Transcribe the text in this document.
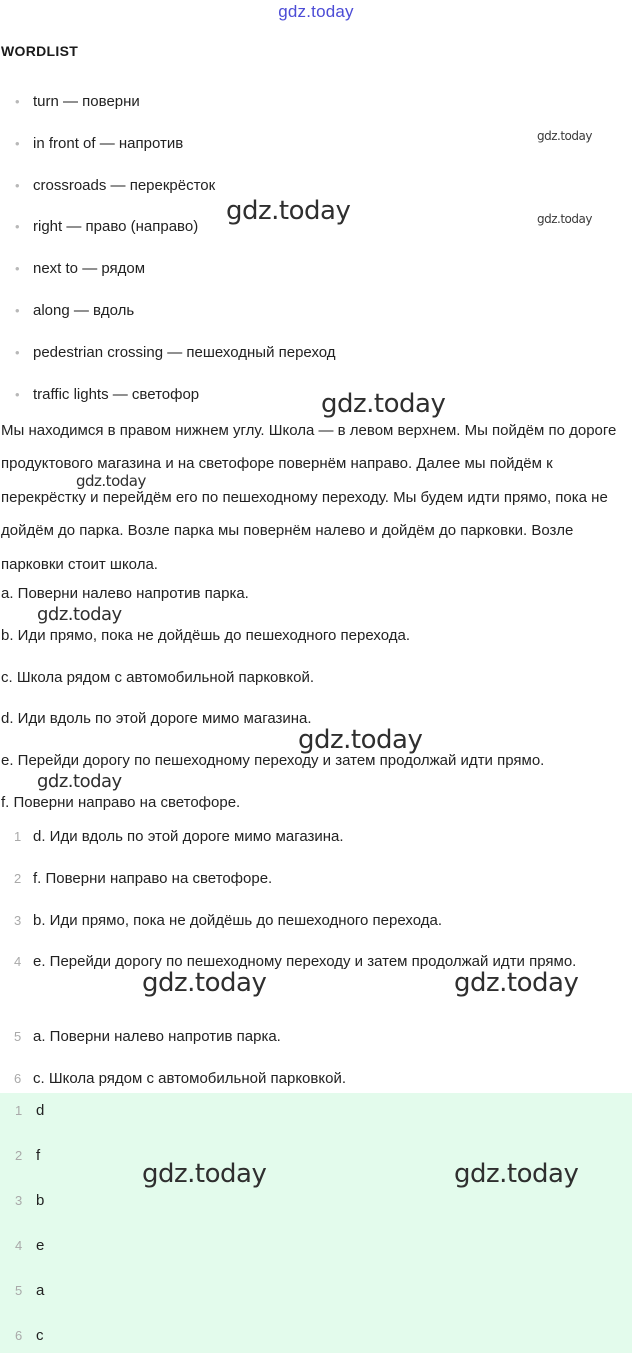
gdz.today
WORDLIST
• turn — поверни
• in front of — напротив
• crossroads — перекрёсток
• right — право (направо)
• next to — рядом
• along — вдоль
• pedestrian crossing — пешеходный переход
• traffic lights — светофор

Мы находимся в правом нижнем углу. Школа — в левом верхнем. Мы пойдём по дороге продуктового магазина и на светофоре повернём направо. Далее мы пойдём к перекрёстку и перейдём его по пешеходному переходу. Мы будем идти прямо, пока не дойдём до парка. Возле парка мы повернём налево и дойдём до парковки. Возле парковки стоит школа.

a. Поверни налево напротив парка.
b. Иди прямо, пока не дойдёшь до пешеходного перехода.
c. Школа рядом с автомобильной парковкой.
d. Иди вдоль по этой дороге мимо магазина.
e. Перейди дорогу по пешеходному переходу и затем продолжай идти прямо.
f. Поверни направо на светофоре.
1 d. Иди вдоль по этой дороге мимо магазина.
2 f. Поверни направо на светофоре.
3 b. Иди прямо, пока не дойдёшь до пешеходного перехода.
4 e. Перейди дорогу по пешеходному переходу и затем продолжай идти прямо.
5 a. Поверни налево напротив парка.
6 c. Школа рядом с автомобильной парковкой.
1 d
2 f
3 b
4 e
5 a
6 c
gdz.today
gdz.today	gdz.today
gdz.today
gdz.today
gdz.today
gdz.today
gdz.today
gdz.today	gdz.today
gdz.today	gdz.today
